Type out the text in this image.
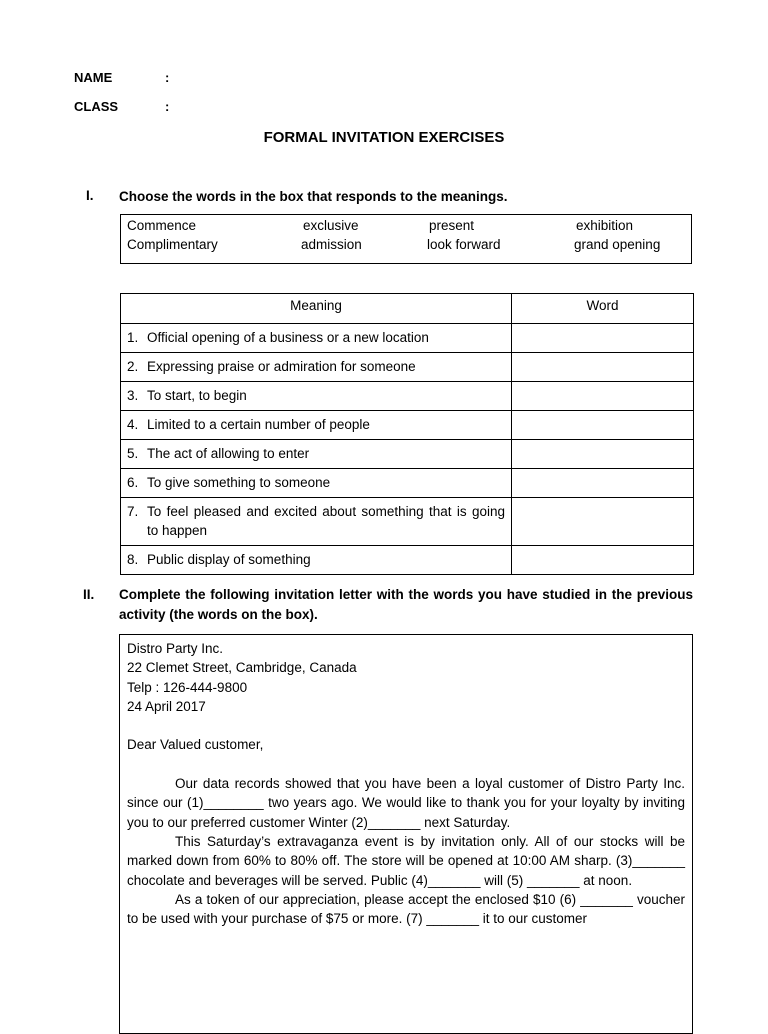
NAME	:
CLASS	:
FORMAL INVITATION EXERCISES
I. Choose the words in the box that responds to the meanings.
Commence	exclusive	present	exhibition
Complimentary	admission	look forward	grand opening
Meaning	Word

1. Official opening of a business or a new location	

2. Expressing praise or admiration for someone	

3. To start, to begin	

4. Limited to a certain number of people	

5. The act of allowing to enter	

6. To give something to someone	

7. To feel pleased and excited about something that is going to happen	

8. Public display of something	

II. Complete the following invitation letter with the words you have studied in the previous activity (the words on the box).

Distro Party Inc.

22 Clemet Street, Cambridge, Canada

Telp : 126-444-9800

24 April 2017

Dear Valued customer,

Our data records showed that you have been a loyal customer of Distro Party Inc. since our (1)________ two years ago. We would like to thank you for your loyalty by inviting you to our preferred customer Winter (2)_______ next Saturday.

This Saturday’s extravaganza event is by invitation only. All of our stocks will be marked down from 60% to 80% off. The store will be opened at 10:00 AM sharp. (3)_______ chocolate and beverages will be served. Public (4)_______ will (5) _______ at noon.

As a token of our appreciation, please accept the enclosed $10 (6) _______ voucher to be used with your purchase of $75 or more. (7) _______ it to our customer
